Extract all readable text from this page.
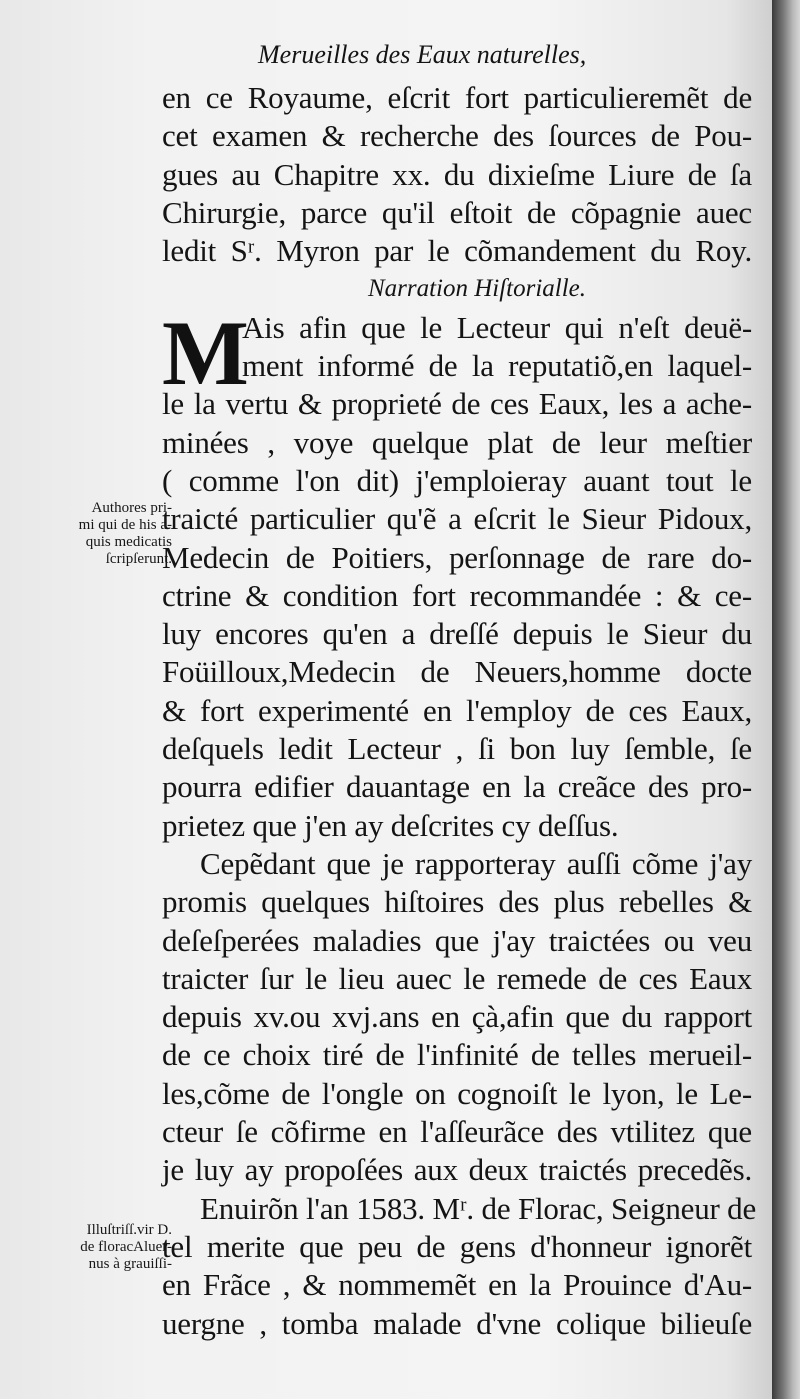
Merueilles des Eaux naturelles,
en ce Royaume, eſcrit fort particulieremẽt de
cet examen & recherche des ſources de Pou-
gues au Chapitre xx. du dixieſme Liure de ſa
Chirurgie, parce qu'il eſtoit de cõpagnie auec
ledit Sʳ. Myron par le cõmandement du Roy.
Narration Hiſtorialle.
M
Ais afin que le Lecteur qui n'eſt deuë-
ment informé de la reputatiõ,en laquel-
le la vertu & proprieté de ces Eaux, les a ache-
minées , voye quelque plat de leur meſtier
( comme l'on dit) j'emploieray auant tout le
traicté particulier qu'ẽ a eſcrit le Sieur Pidoux,
Medecin de Poitiers, perſonnage de rare do-
ctrine & condition fort recommandée : & ce-
luy encores qu'en a dreſſé depuis le Sieur du
Foüilloux,Medecin de Neuers,homme docte
& fort experimenté en l'employ de ces Eaux,
deſquels ledit Lecteur , ſi bon luy ſemble, ſe
pourra edifier dauantage en la creãce des pro-
prietez que j'en ay deſcrites cy deſſus.
Cepẽdant que je rapporteray auſſi cõme j'ay
promis quelques hiſtoires des plus rebelles &
deſeſperées maladies que j'ay traictées ou veu
traicter ſur le lieu auec le remede de ces Eaux
depuis xv.ou xvj.ans en çà,afin que du rapport
de ce choix tiré de l'infinité de telles merueil-
les,cõme de l'ongle on cognoiſt le lyon, le Le-
cteur ſe cõfirme en l'aſſeurãce des vtilitez que
je luy ay propoſées aux deux traictés precedẽs.
Enuirõn l'an 1583. Mʳ. de Florac, Seigneur de
tel merite que peu de gens d'honneur ignorẽt
en Frãce , & nommemẽt en la Prouince d'Au-
uergne , tomba malade d'vne colique bilieuſe
Authores pri-
mi qui de his a-
quis medicatis
ſcripſerunt.
Illuſtriſſ.vir D.
de floracAluer-
nus à grauiſſi-
